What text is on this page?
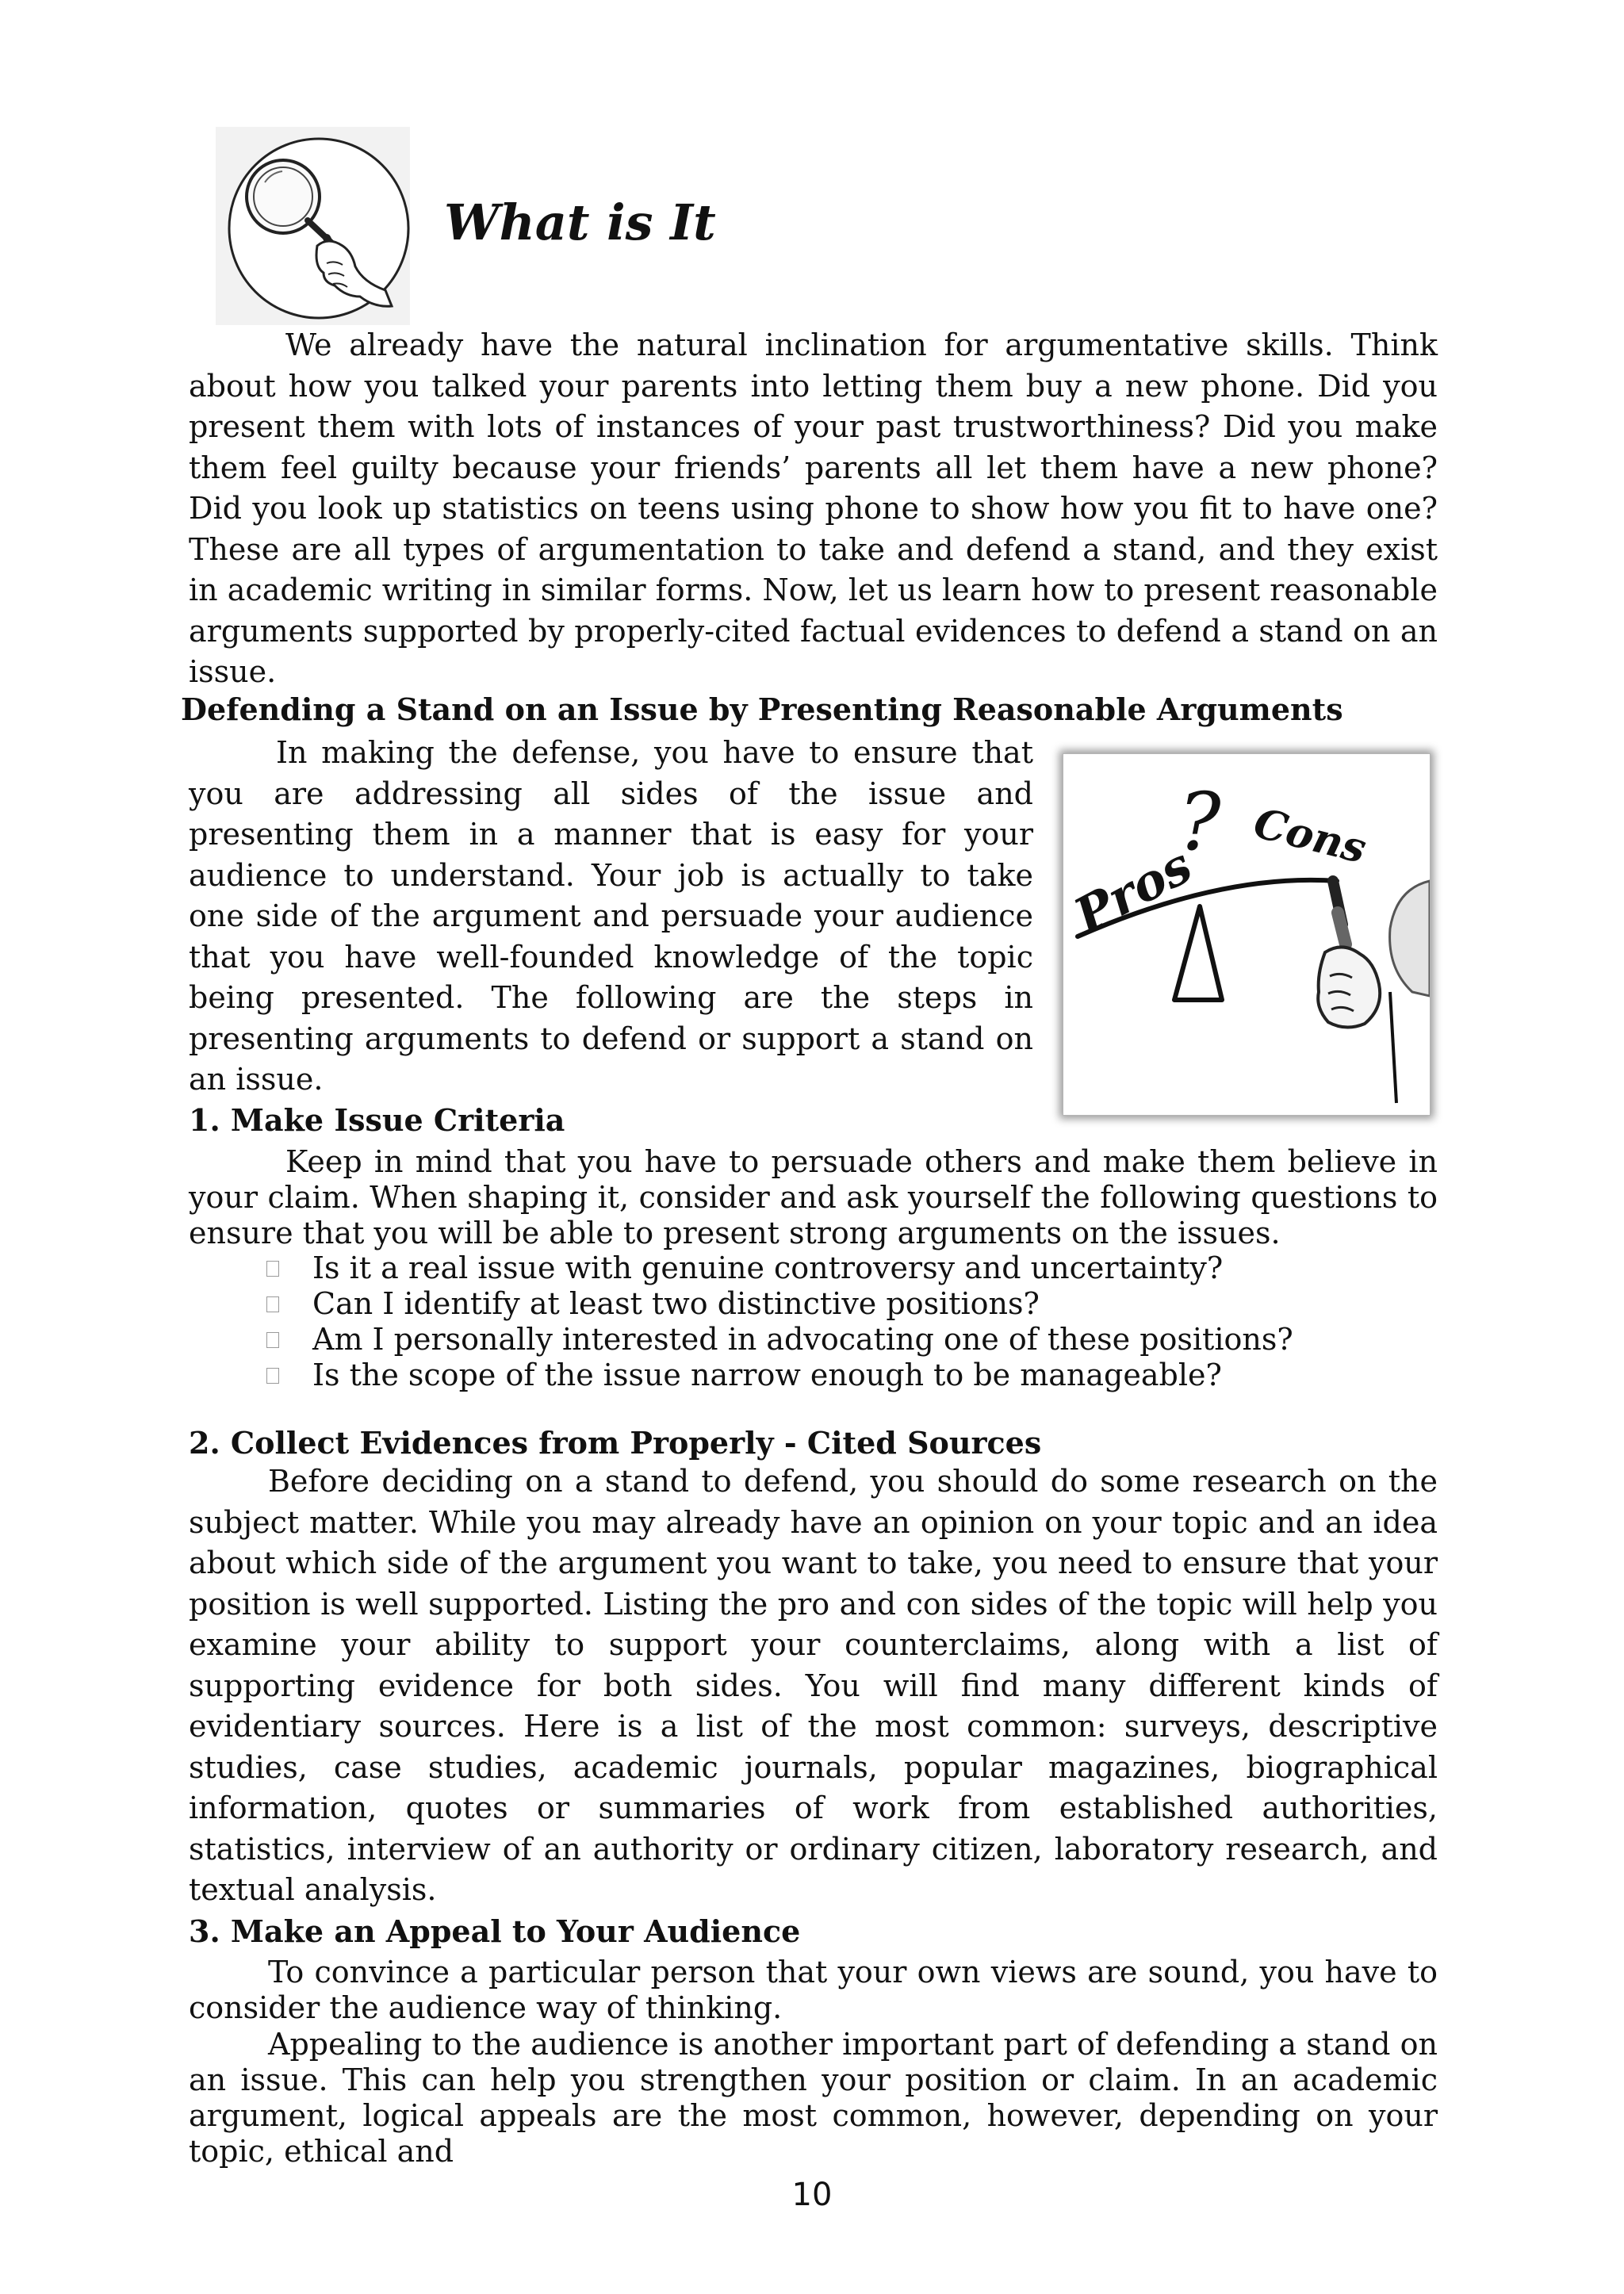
What is It

We already have the natural inclination for argumentative skills. Think about how you talked your parents into letting them buy a new phone. Did you present them with lots of instances of your past trustworthiness? Did you make them feel guilty because your friends’ parents all let them have a new phone? Did you look up statistics on teens using phone to show how you fit to have one? These are all types of argumentation to take and defend a stand, and they exist in academic writing in similar forms. Now, let us learn how to present reasonable arguments supported by properly-cited factual evidences to defend a stand on an issue.

Defending a Stand on an Issue by Presenting Reasonable Arguments

In making the defense, you have to ensure that you are addressing all sides of the issue and presenting them in a manner that is easy for your audience to understand. Your job is actually to take one side of the argument and persuade your audience that you have well-founded knowledge of the topic being presented. The following are the steps in presenting arguments to defend or support a stand on an issue.

Pros
? Cons
1. Make Issue Criteria

Keep in mind that you have to persuade others and make them believe in your claim. When shaping it, consider and ask yourself the following questions to ensure that you will be able to present strong arguments on the issues.

Is it a real issue with genuine controversy and uncertainty?
Can I identify at least two distinctive positions?
Am I personally interested in advocating one of these positions?
Is the scope of the issue narrow enough to be manageable?
2. Collect Evidences from Properly - Cited Sources

Before deciding on a stand to defend, you should do some research on the subject matter. While you may already have an opinion on your topic and an idea about which side of the argument you want to take, you need to ensure that your position is well supported. Listing the pro and con sides of the topic will help you examine your ability to support your counterclaims, along with a list of supporting evidence for both sides. You will find many different kinds of evidentiary sources. Here is a list of the most common: surveys, descriptive studies, case studies, academic journals, popular magazines, biographical information, quotes or summaries of work from established authorities, statistics, interview of an authority or ordinary citizen, laboratory research, and textual analysis.

3. Make an Appeal to Your Audience

To convince a particular person that your own views are sound, you have to consider the audience way of thinking.

Appealing to the audience is another important part of defending a stand on an issue. This can help you strengthen your position or claim. In an academic argument, logical appeals are the most common, however, depending on your topic, ethical and

10
